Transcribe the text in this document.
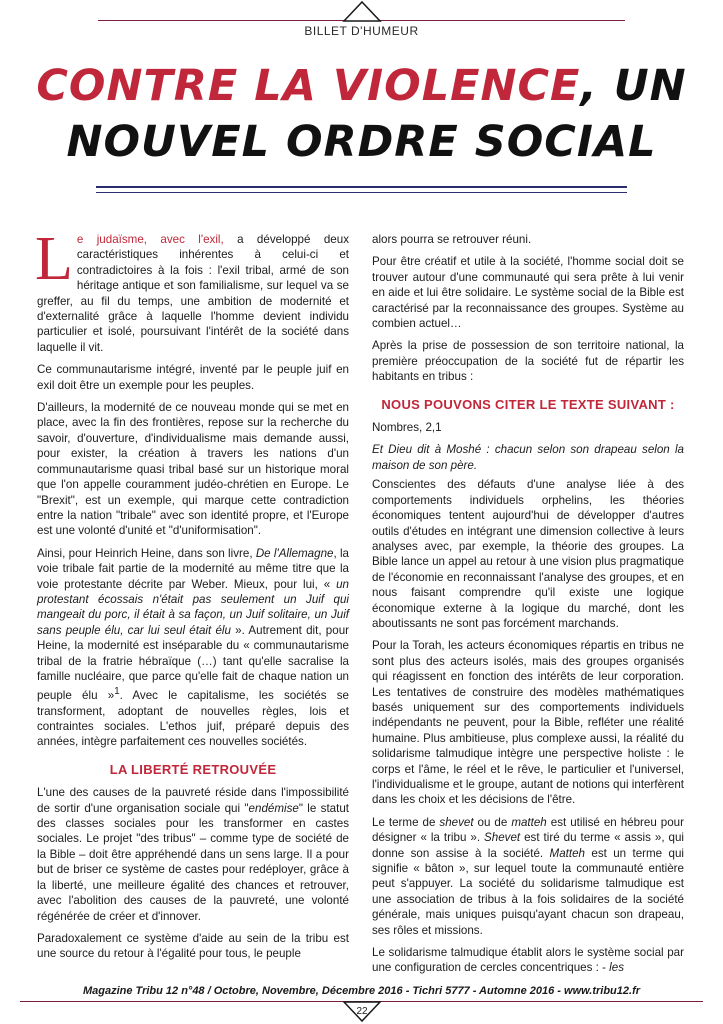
BILLET D'HUMEUR
CONTRE LA VIOLENCE, UN
NOUVEL ORDRE SOCIAL

Le judaïsme, avec l'exil, a développé deux caractéristiques inhérentes à celui-ci et contradictoires à la fois : l'exil tribal, armé de son héritage antique et son familialisme, sur lequel va se greffer, au fil du temps, une ambition de modernité et d'externalité grâce à laquelle l'homme devient individu particulier et isolé, poursuivant l'intérêt de la société dans laquelle il vit.

Ce communautarisme intégré, inventé par le peuple juif en exil doit être un exemple pour les peuples.

D'ailleurs, la modernité de ce nouveau monde qui se met en place, avec la fin des frontières, repose sur la recherche du savoir, d'ouverture, d'individualisme mais demande aussi, pour exister, la création à travers les nations d'un communautarisme quasi tribal basé sur un historique moral que l'on appelle couramment judéo-chrétien en Europe. Le "Brexit", est un exemple, qui marque cette contradiction entre la nation "tribale" avec son identité propre, et l'Europe est une volonté d'unité et "d'uniformisation".

Ainsi, pour Heinrich Heine, dans son livre, De l'Allemagne, la voie tribale fait partie de la modernité au même titre que la voie protestante décrite par Weber. Mieux, pour lui, « un protestant écossais n'était pas seulement un Juif qui mangeait du porc, il était à sa façon, un Juif solitaire, un Juif sans peuple élu, car lui seul était élu ». Autrement dit, pour Heine, la modernité est inséparable du « communautarisme tribal de la fratrie hébraïque (…) tant qu'elle sacralise la famille nucléaire, que parce qu'elle fait de chaque nation un peuple élu »$^1$. Avec le capitalisme, les sociétés se transforment, adoptant de nouvelles règles, lois et contraintes sociales. L'ethos juif, préparé depuis des années, intègre parfaitement ces nouvelles sociétés.

LA LIBERTÉ RETROUVÉE

L'une des causes de la pauvreté réside dans l'impossibilité de sortir d'une organisation sociale qui "endémise" le statut des classes sociales pour les transformer en castes sociales. Le projet "des tribus" – comme type de société de la Bible – doit être appréhendé dans un sens large. Il a pour but de briser ce système de castes pour redéployer, grâce à la liberté, une meilleure égalité des chances et retrouver, avec l'abolition des causes de la pauvreté, une volonté régénérée de créer et d'innover.

Paradoxalement ce système d'aide au sein de la tribu est une source du retour à l'égalité pour tous, le peuple

alors pourra se retrouver réuni.

Pour être créatif et utile à la société, l'homme social doit se trouver autour d'une communauté qui sera prête à lui venir en aide et lui être solidaire. Le système social de la Bible est caractérisé par la reconnaissance des groupes. Système au combien actuel…

Après la prise de possession de son territoire national, la première préoccupation de la société fut de répartir les habitants en tribus :

NOUS POUVONS CITER LE TEXTE SUIVANT :

Nombres, 2,1

Et Dieu dit à Moshé : chacun selon son drapeau selon la maison de son père.

Conscientes des défauts d'une analyse liée à des comportements individuels orphelins, les théories économiques tentent aujourd'hui de développer d'autres outils d'études en intégrant une dimension collective à leurs analyses avec, par exemple, la théorie des groupes. La Bible lance un appel au retour à une vision plus pragmatique de l'économie en reconnaissant l'analyse des groupes, et en nous faisant comprendre qu'il existe une logique économique externe à la logique du marché, dont les aboutissants ne sont pas forcément marchands.

Pour la Torah, les acteurs économiques répartis en tribus ne sont plus des acteurs isolés, mais des groupes organisés qui réagissent en fonction des intérêts de leur corporation. Les tentatives de construire des modèles mathématiques basés uniquement sur des comportements individuels indépendants ne peuvent, pour la Bible, refléter une réalité humaine. Plus ambitieuse, plus complexe aussi, la réalité du solidarisme talmudique intègre une perspective holiste : le corps et l'âme, le réel et le rêve, le particulier et l'universel, l'individualisme et le groupe, autant de notions qui interfèrent dans les choix et les décisions de l'être.

Le terme de shevet ou de matteh est utilisé en hébreu pour désigner « la tribu ». Shevet est tiré du terme « assis », qui donne son assise à la société. Matteh est un terme qui signifie « bâton », sur lequel toute la communauté entière peut s'appuyer. La société du solidarisme talmudique est une association de tribus à la fois solidaires de la société générale, mais uniques puisqu'ayant chacun son drapeau, ses rôles et missions.

Le solidarisme talmudique établit alors le système social par une configuration de cercles concentriques : - les

Magazine Tribu 12 n°48 / Octobre, Novembre, Décembre 2016 - Tichri 5777 - Automne 2016 - www.tribu12.fr
22
